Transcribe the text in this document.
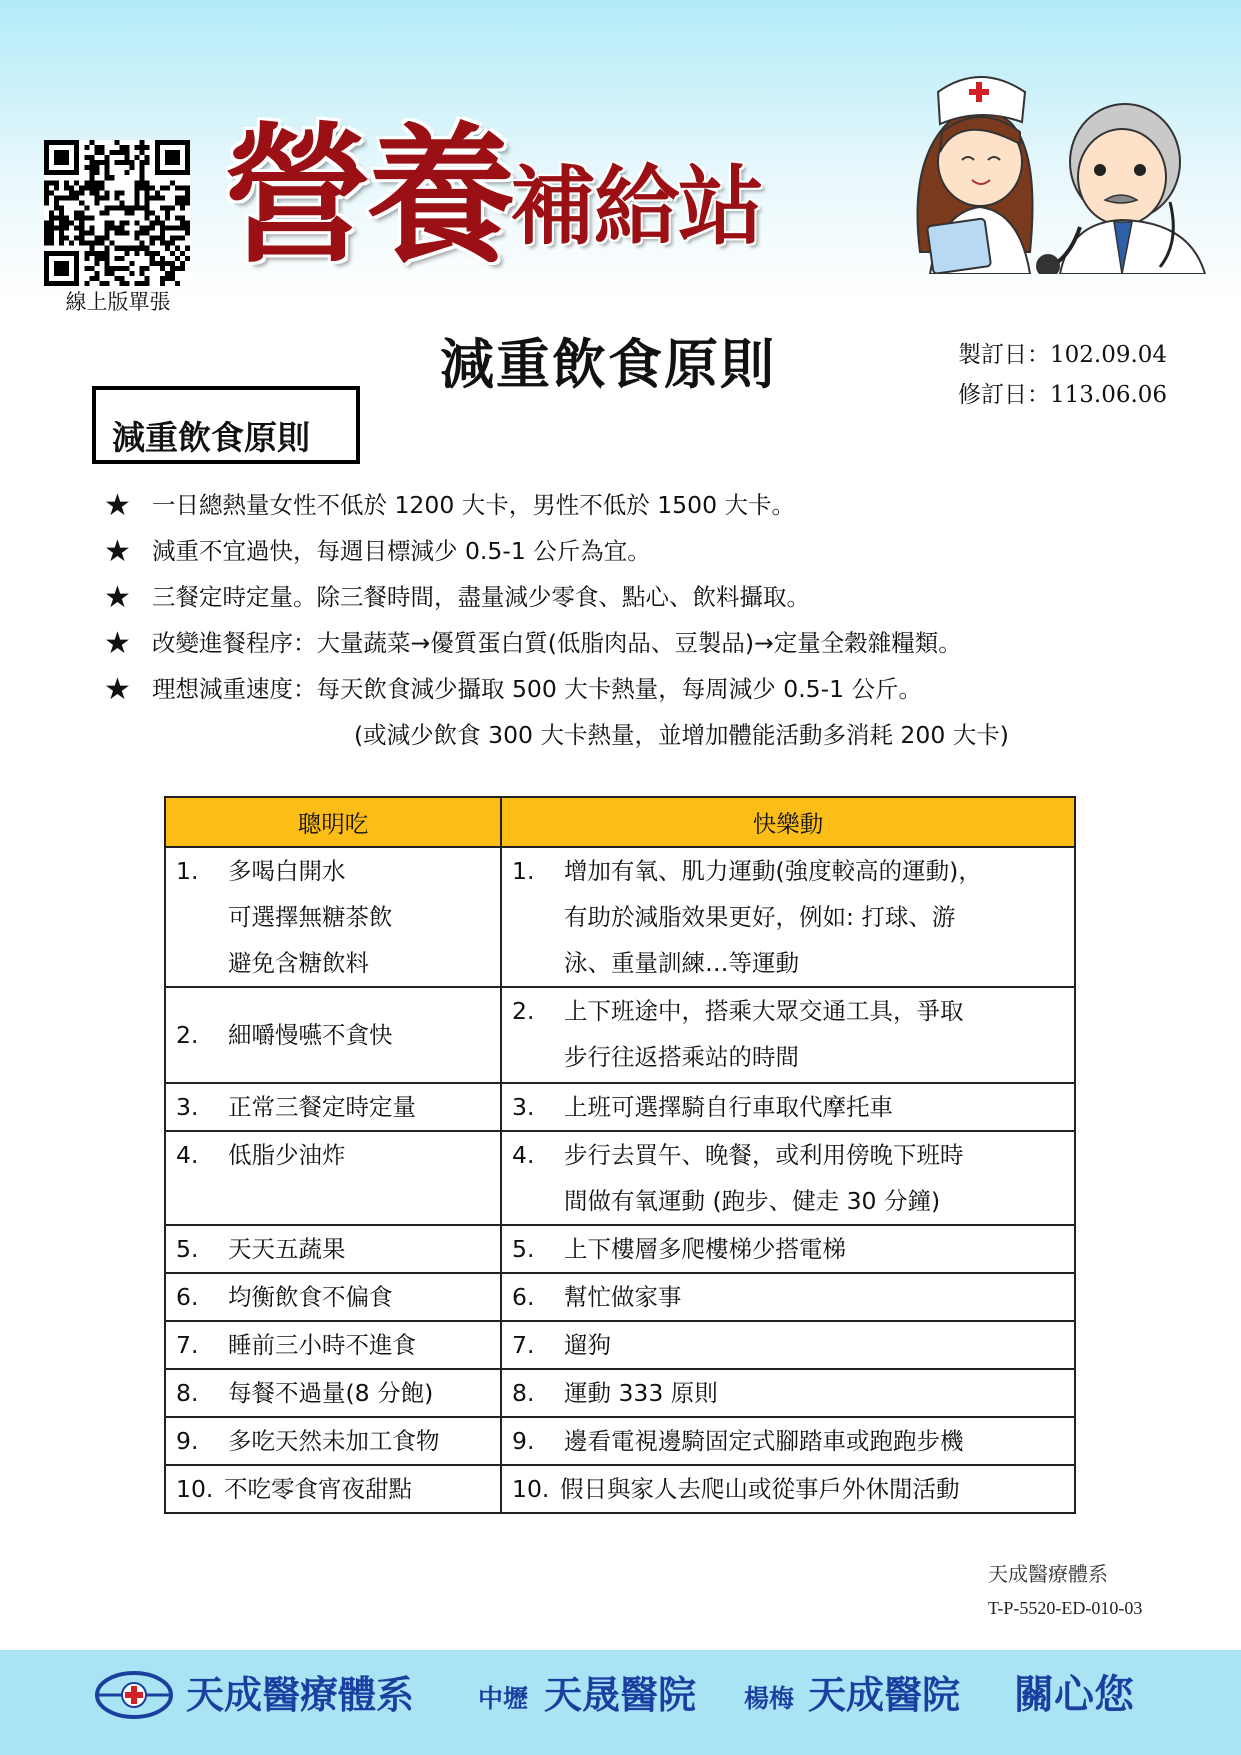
線上版單張
營養補給站
減重飲食原則	製訂日：102.09.04
修訂日：113.06.06
減重飲食原則
★ 一日總熱量女性不低於 1200 大卡，男性不低於 1500 大卡。
★ 減重不宜過快，每週目標減少 0.5-1 公斤為宜。
★ 三餐定時定量。除三餐時間，盡量減少零食、點心、飲料攝取。
★ 改變進餐程序：大量蔬菜→優質蛋白質(低脂肉品、豆製品)→定量全穀雜糧類。
★ 理想減重速度：每天飲食減少攝取 500 大卡熱量，每周減少 0.5-1 公斤。
(或減少飲食 300 大卡熱量，並增加體能活動多消耗 200 大卡)
聰明吃	快樂動

1. 多喝白開水
可選擇無糖茶飲
避免含糖飲料	1. 增加有氧、肌力運動(強度較高的運動)，
有助於減脂效果更好，例如: 打球、游
泳、重量訓練…等運動

2. 細嚼慢嚥不貪快	2. 上下班途中，搭乘大眾交通工具，爭取
步行往返搭乘站的時間

3. 正常三餐定時定量	3. 上班可選擇騎自行車取代摩托車

4. 低脂少油炸	4. 步行去買午、晚餐，或利用傍晚下班時
間做有氧運動 (跑步、健走 30 分鐘)

5. 天天五蔬果	5. 上下樓層多爬樓梯少搭電梯

6. 均衡飲食不偏食	6. 幫忙做家事

7. 睡前三小時不進食	7. 遛狗

8. 每餐不過量(8 分飽)	8. 運動 333 原則

9. 多吃天然未加工食物	9. 邊看電視邊騎固定式腳踏車或跑跑步機

10. 不吃零食宵夜甜點	10. 假日與家人去爬山或從事戶外休閒活動
天成醫療體系
T-P-5520-ED-010-03
天成醫療體系	中壢 天晟醫院 楊梅 天成醫院 關心您
